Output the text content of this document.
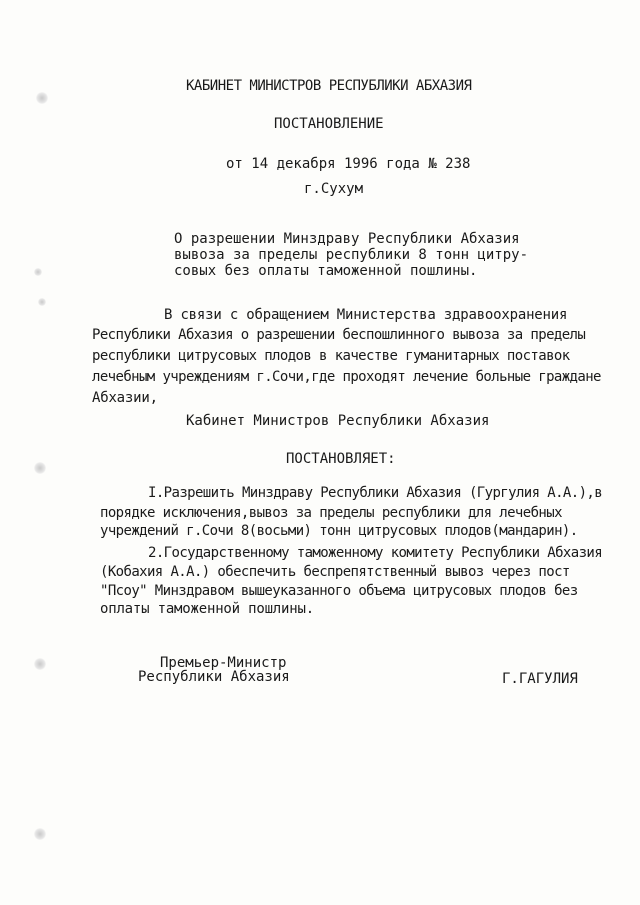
КАБИНЕТ МИНИСТРОВ РЕСПУБЛИКИ АБХАЗИЯ
ПОСТАНОВЛЕНИЕ
от 14 декабря 1996 года № 238
г.Сухум
О разрешении Минздраву Республики Абхазия
вывоза за пределы республики 8 тонн цитру-
совых без оплаты таможенной пошлины.
В связи с обращением Министерства здравоохранения
Республики Абхазия о разрешении беспошлинного вывоза за пределы
республики цитрусовых плодов в качестве гуманитарных поставок
лечебным учреждениям г.Сочи,где проходят лечение больные граждане
Абхазии,
Кабинет Министров Республики Абхазия
ПОСТАНОВЛЯЕТ:
I.Разрешить Минздраву Республики Абхазия (Гургулия А.А.),в
порядке исключения,вывоз за пределы республики для лечебных
учреждений г.Сочи 8(восьми) тонн цитрусовых плодов(мандарин).
2.Государственному таможенному комитету Республики Абхазия
(Кобахия А.А.) обеспечить беспрепятственный вывоз через пост
"Псоу" Минздравом вышеуказанного объема цитрусовых плодов без
оплаты таможенной пошлины.
Премьер-Министр
Республики Абхазия	Г.ГАГУЛИЯ
